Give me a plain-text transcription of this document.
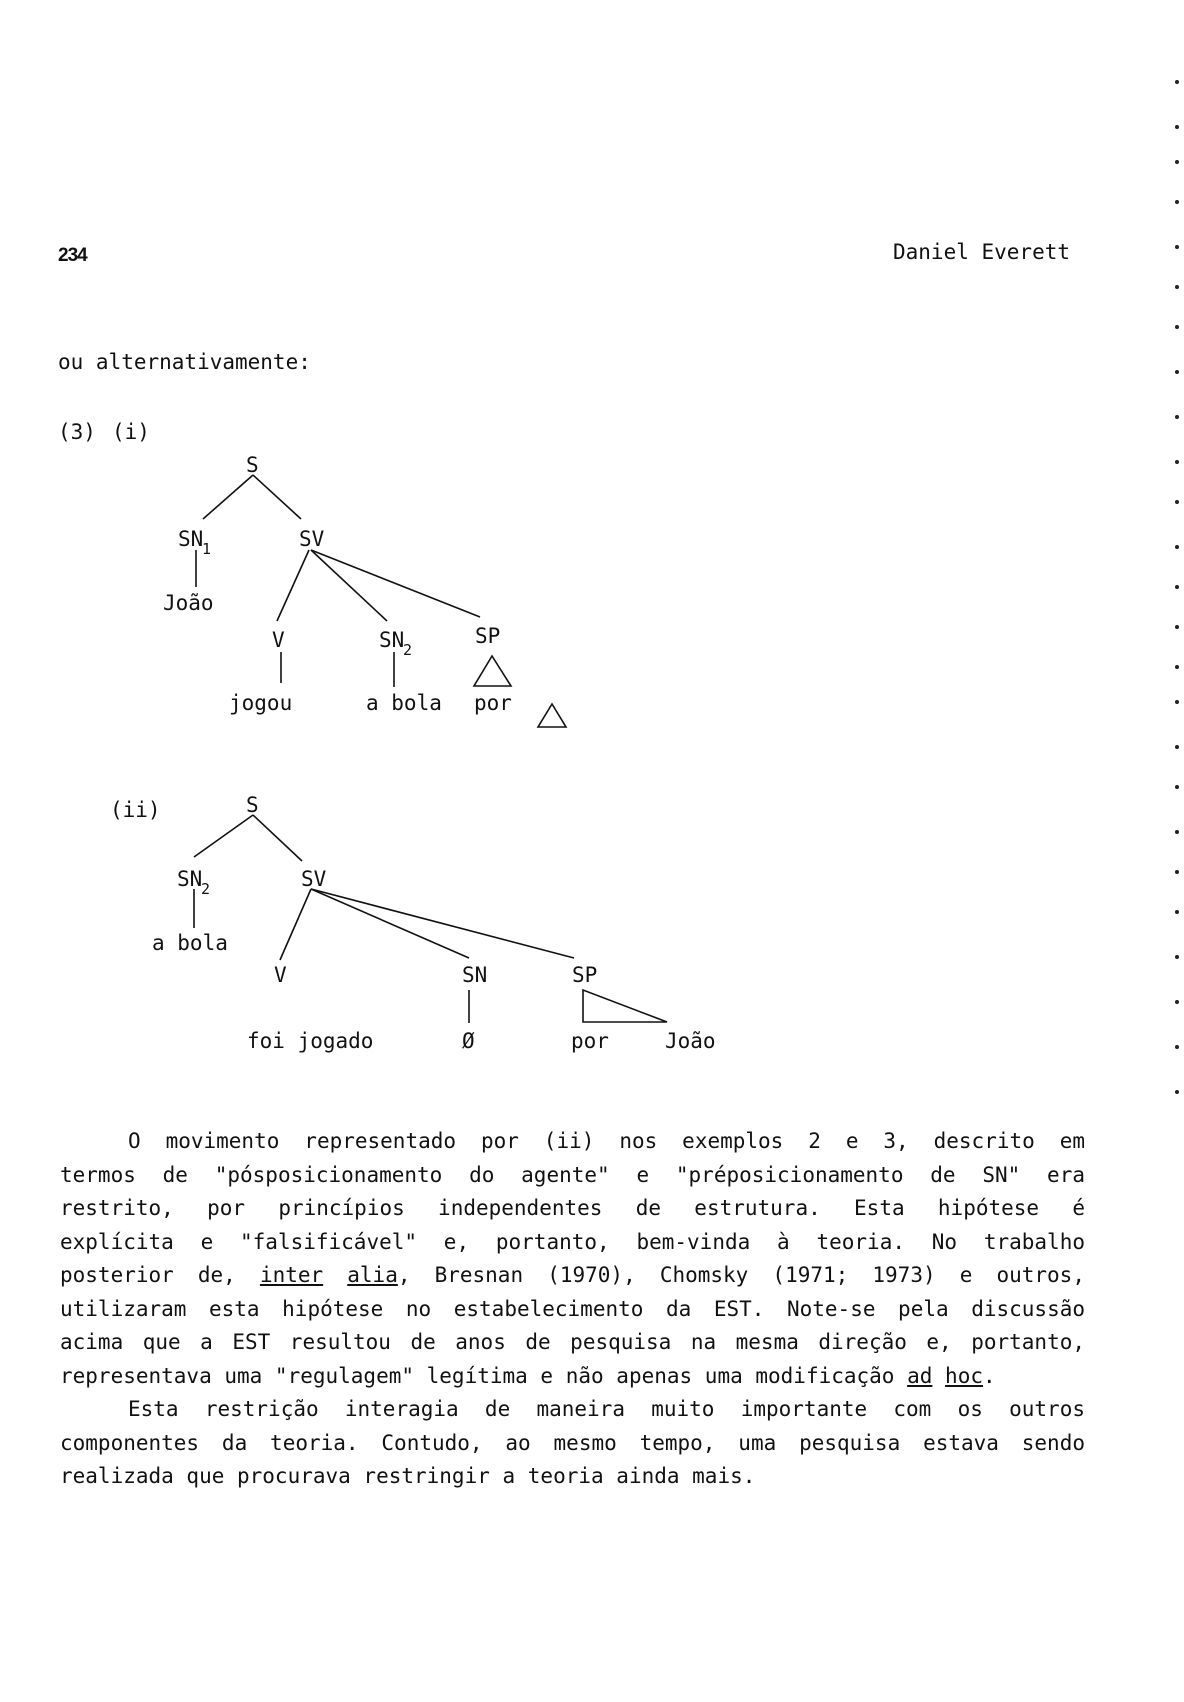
234	Daniel Everett
ou alternativamente:
(3) (i)
(ii)
S
SN
1	SV
João
V	SN
2
SP
jogou	a bola por
S
SN
2	SV
a bola
V	SN	SP
foi jogado	Ø	por	João
O movimento representado por (ii) nos exemplos 2 e 3, descrito em
termos de "pósposicionamento do agente" e "préposicionamento de SN" era
restrito, por princípios independentes de estrutura. Esta hipótese é
explícita e "falsificável" e, portanto, bem-vinda à teoria. No trabalho
posterior de, inter alia, Bresnan (1970), Chomsky (1971; 1973) e outros,
utilizaram esta hipótese no estabelecimento da EST. Note-se pela discussão
acima que a EST resultou de anos de pesquisa na mesma direção e, portanto,
representava uma "regulagem" legítima e não apenas uma modificação ad hoc.
Esta restrição interagia de maneira muito importante com os outros
componentes da teoria. Contudo, ao mesmo tempo, uma pesquisa estava sendo
realizada que procurava restringir a teoria ainda mais.
